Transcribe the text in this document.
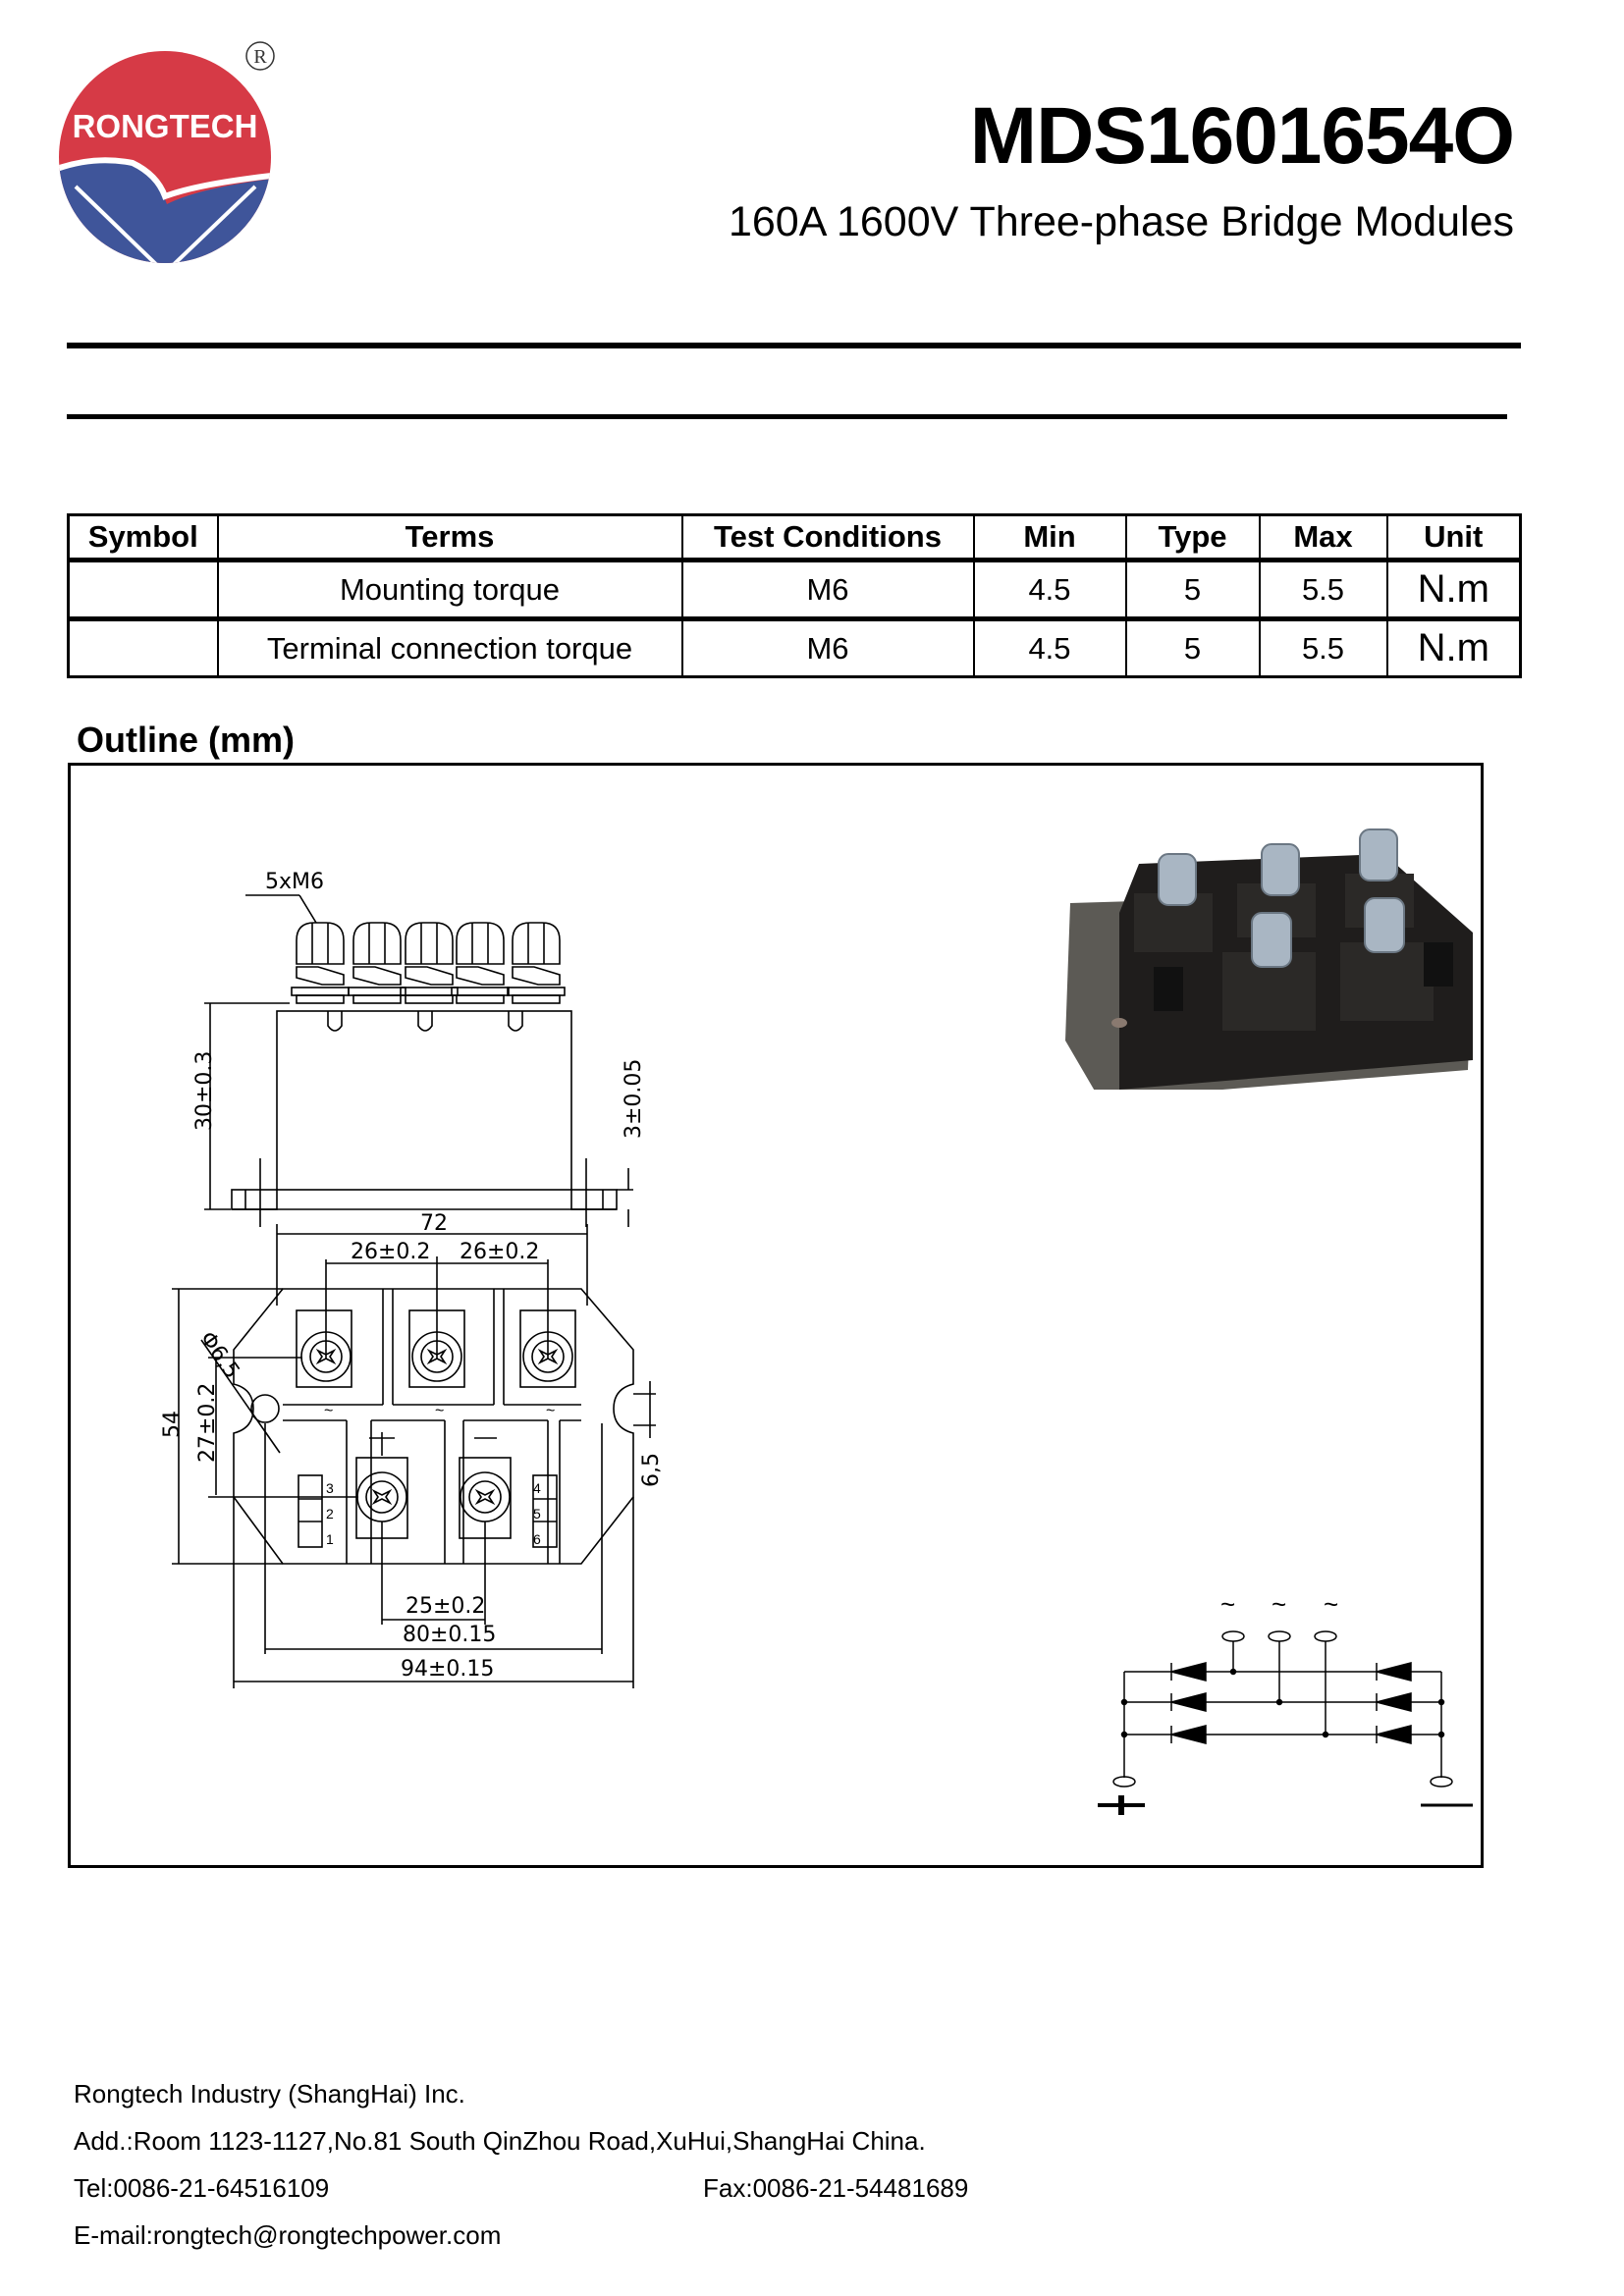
RONGTECH
R
MDS1601654O
160A 1600V Three-phase Bridge Modules
Symbol	Terms	Test Conditions	Min	Type	Max	Unit
	Mounting torque	M6	4.5	5	5.5	N.m
	Terminal connection torque	M6	4.5	5	5.5	N.m
Outline (mm)
5xM6
30±0.3	3±0.05
72
26±0.2 26±0.2
~	~	~
3
2
1
4
5
6
Φ6,5
54 27±0.2
6,5
25±0.2
80±0.15
94±0.15
~ ~ ~
Rongtech Industry (ShangHai) Inc.
Add.:Room 1123-1127,No.81 South QinZhou Road,XuHui,ShangHai China.
Tel:0086-21-64516109	Fax:0086-21-54481689
E-mail:rongtech@rongtechpower.com
